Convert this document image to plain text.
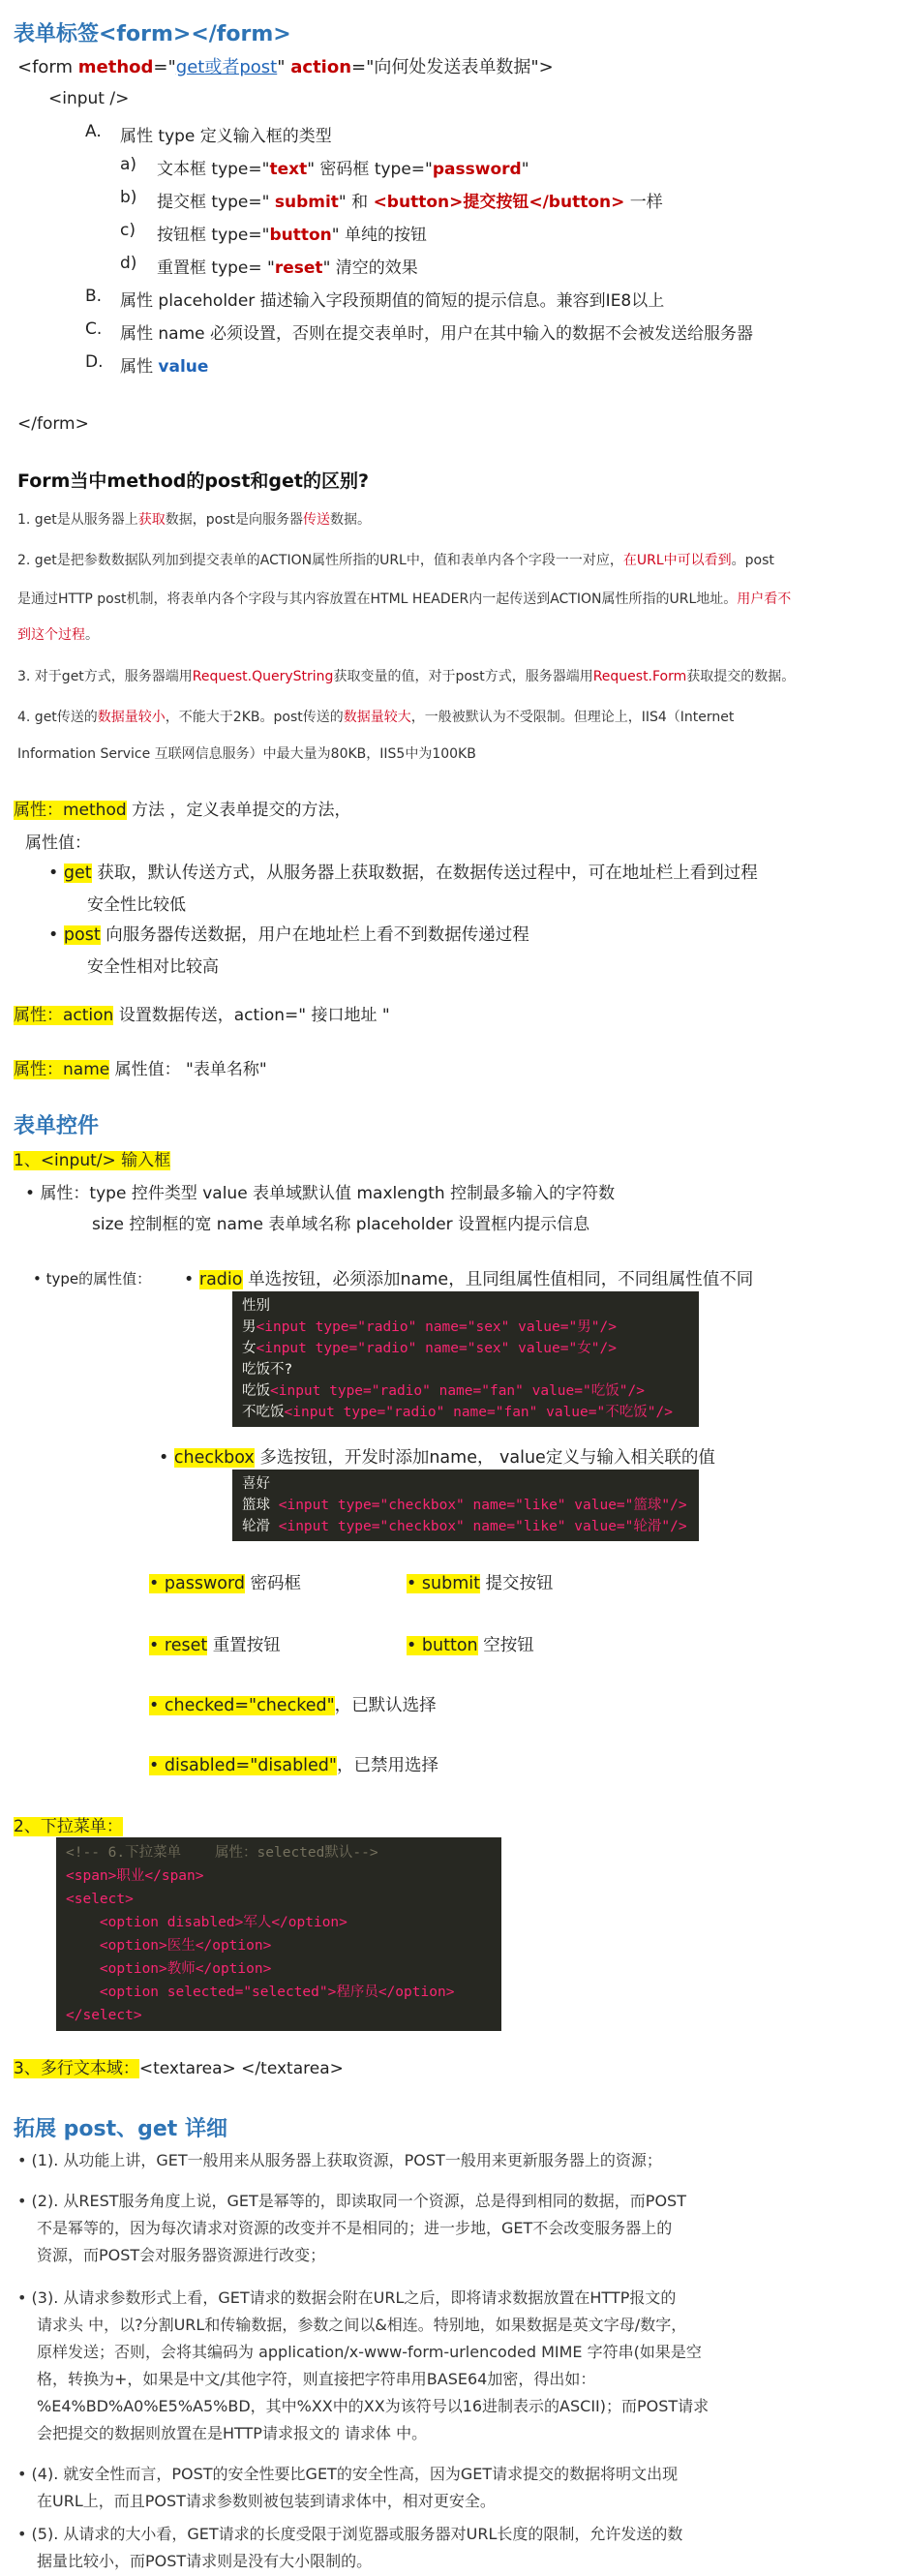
表单标签<form></form>
<form method="get或者post" action="向何处发送表单数据">
<input />
A. 属性 type 定义输入框的类型
a) 文本框 type="text" 密码框 type="password"
b) 提交框 type=" submit" 和 <button>提交按钮</button> 一样
c) 按钮框 type="button" 单纯的按钮
d) 重置框 type= "reset" 清空的效果
B. 属性 placeholder 描述输入字段预期值的简短的提示信息。兼容到IE8以上
C. 属性 name 必须设置，否则在提交表单时，用户在其中输入的数据不会被发送给服务器
D. 属性 value
</form>
Form当中method的post和get的区别?
1. get是从服务器上获取数据，post是向服务器传送数据。
2. get是把参数数据队列加到提交表单的ACTION属性所指的URL中，值和表单内各个字段一一对应，在URL中可以看到。post
是通过HTTP post机制，将表单内各个字段与其内容放置在HTML HEADER内一起传送到ACTION属性所指的URL地址。用户看不
到这个过程。
3. 对于get方式，服务器端用Request.QueryString获取变量的值，对于post方式，服务器端用Request.Form获取提交的数据。
4. get传送的数据量较小，不能大于2KB。post传送的数据量较大，一般被默认为不受限制。但理论上，IIS4（Internet
Information Service 互联网信息服务）中最大量为80KB，IIS5中为100KB
属性：method 方法 ，定义表单提交的方法，
属性值：
• get 获取，默认传送方式，从服务器上获取数据，在数据传送过程中，可在地址栏上看到过程
安全性比较低
• post 向服务器传送数据，用户在地址栏上看不到数据传递过程
安全性相对比较高
属性：action 设置数据传送，action=" 接口地址 "
属性：name 属性值： "表单名称"
表单控件
1、<input/> 输入框
• 属性：type 控件类型 value 表单域默认值 maxlength 控制最多输入的字符数
size 控制框的宽 name 表单域名称 placeholder 设置框内提示信息
• type的属性值： • radio 单选按钮，必须添加name，且同组属性值相同，不同组属性值不同
性别
男<input type="radio" name="sex" value="男"/>
女<input type="radio" name="sex" value="女"/>
吃饭不?
吃饭<input type="radio" name="fan" value="吃饭"/>
不吃饭<input type="radio" name="fan" value="不吃饭"/>
• checkbox 多选按钮，开发时添加name， value定义与输入相关联的值
喜好
篮球 <input type="checkbox" name="like" value="篮球"/>
轮滑 <input type="checkbox" name="like" value="轮滑"/>
• password 密码框	• submit 提交按钮
• reset 重置按钮	• button 空按钮
• checked="checked"，已默认选择
• disabled="disabled"，已禁用选择
2、下拉菜单：
<!-- 6.下拉菜单    属性：selected默认-->
<span>职业</span>
<select>
<option disabled>军人</option>
<option>医生</option>
<option>教师</option>
<option selected="selected">程序员</option>
</select>
3、多行文本域：<textarea> </textarea>
拓展 post、get 详细
• (1). 从功能上讲，GET一般用来从服务器上获取资源，POST一般用来更新服务器上的资源；
• (2). 从REST服务角度上说，GET是幂等的，即读取同一个资源，总是得到相同的数据，而POST
不是幂等的，因为每次请求对资源的改变并不是相同的；进一步地，GET不会改变服务器上的
资源，而POST会对服务器资源进行改变；
• (3). 从请求参数形式上看，GET请求的数据会附在URL之后，即将请求数据放置在HTTP报文的
请求头 中，以?分割URL和传输数据，参数之间以&相连。特别地，如果数据是英文字母/数字，
原样发送；否则，会将其编码为 application/x-www-form-urlencoded MIME 字符串(如果是空
格，转换为+，如果是中文/其他字符，则直接把字符串用BASE64加密，得出如：
%E4%BD%A0%E5%A5%BD，其中%XX中的XX为该符号以16进制表示的ASCII)；而POST请求
会把提交的数据则放置在是HTTP请求报文的 请求体 中。
• (4). 就安全性而言，POST的安全性要比GET的安全性高，因为GET请求提交的数据将明文出现
在URL上，而且POST请求参数则被包装到请求体中，相对更安全。
• (5). 从请求的大小看，GET请求的长度受限于浏览器或服务器对URL长度的限制，允许发送的数
据量比较小，而POST请求则是没有大小限制的。
